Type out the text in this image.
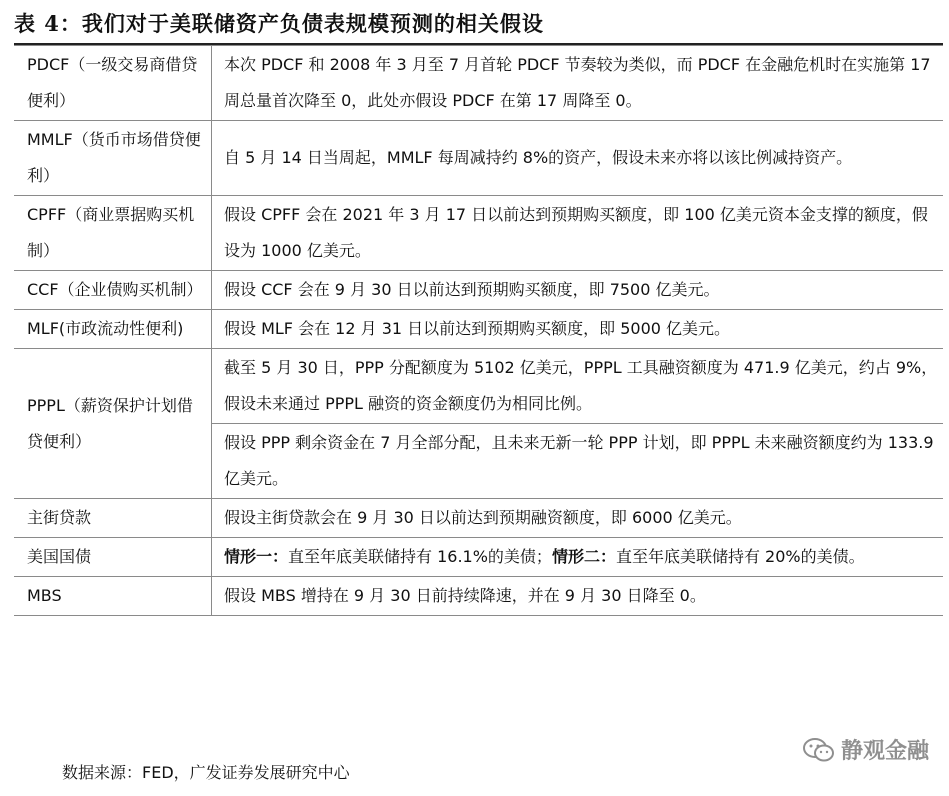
表 4：我们对于美联储资产负债表规模预测的相关假设
PDCF（一级交易商借贷便利）	本次 PDCF 和 2008 年 3 月至 7 月首轮 PDCF 节奏较为类似，而 PDCF 在金融危机时在实施第 17 周总量首次降至 0，此处亦假设 PDCF 在第 17 周降至 0。
MMLF（货币市场借贷便利）	自 5 月 14 日当周起，MMLF 每周减持约 8%的资产，假设未来亦将以该比例减持资产。
CPFF（商业票据购买机制）	假设 CPFF 会在 2021 年 3 月 17 日以前达到预期购买额度，即 100 亿美元资本金支撑的额度，假设为 1000 亿美元。
CCF（企业债购买机制）	假设 CCF 会在 9 月 30 日以前达到预期购买额度，即 7500 亿美元。
MLF(市政流动性便利)	假设 MLF 会在 12 月 31 日以前达到预期购买额度，即 5000 亿美元。
PPPL（薪资保护计划借贷便利）	截至 5 月 30 日，PPP 分配额度为 5102 亿美元，PPPL 工具融资额度为 471.9 亿美元，约占 9%，假设未来通过 PPPL 融资的资金额度仍为相同比例。
	假设 PPP 剩余资金在 7 月全部分配，且未来无新一轮 PPP 计划，即 PPPL 未来融资额度约为 133.9 亿美元。
主街贷款	假设主街贷款会在 9 月 30 日以前达到预期融资额度，即 6000 亿美元。
美国国债	情形一：直至年底美联储持有 16.1%的美债；情形二：直至年底美联储持有 20%的美债。
MBS	假设 MBS 增持在 9 月 30 日前持续降速，并在 9 月 30 日降至 0。
数据来源：FED，广发证券发展研究中心
静观金融
